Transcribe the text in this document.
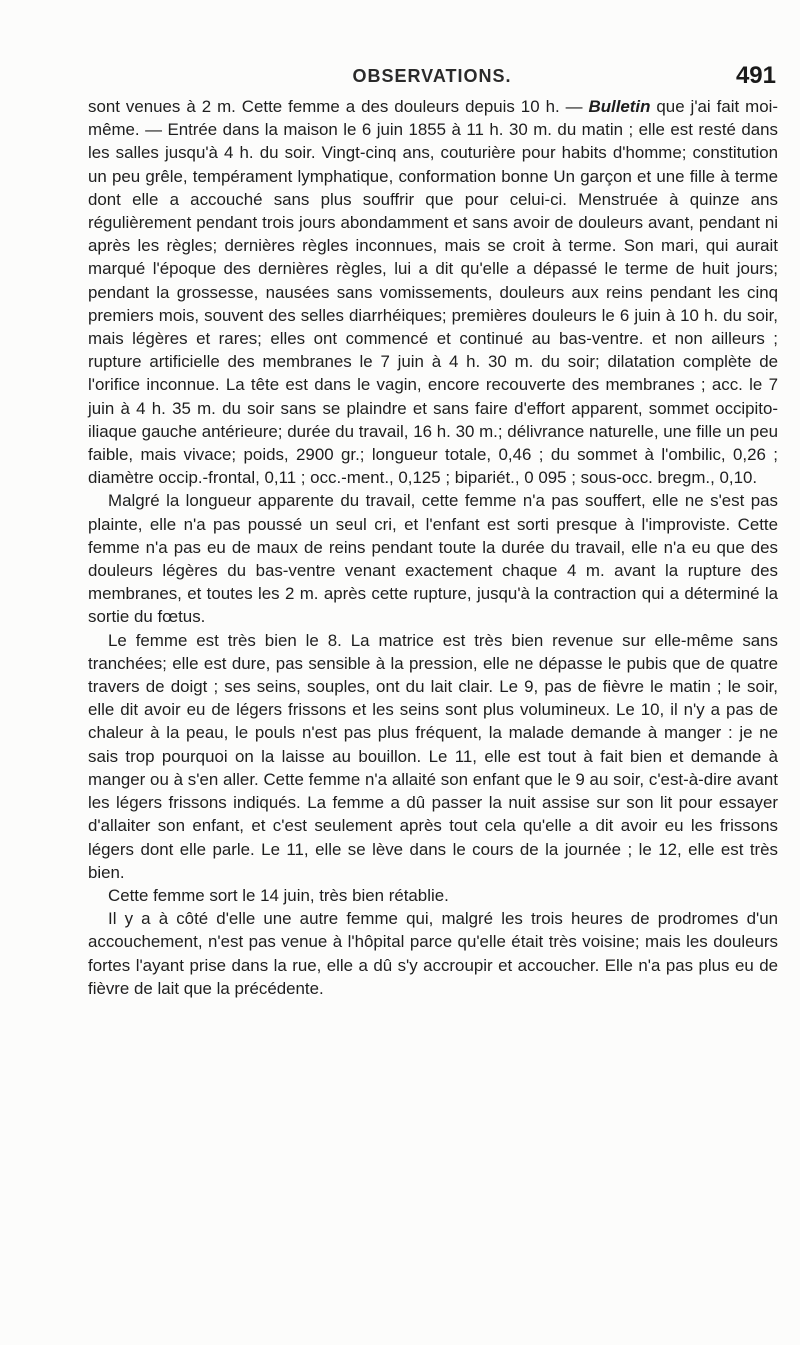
OBSERVATIONS.	491

sont venues à 2 m. Cette femme a des douleurs depuis 10 h. — Bulletin que j'ai fait moi-même. — Entrée dans la maison le 6 juin 1855 à 11 h. 30 m. du matin ; elle est resté dans les salles jusqu'à 4 h. du soir. Vingt-cinq ans, couturière pour habits d'homme; constitution un peu grêle, tempérament lymphatique, conformation bonne Un garçon et une fille à terme dont elle a accouché sans plus souffrir que pour celui-ci. Menstruée à quinze ans régulièrement pendant trois jours abondamment et sans avoir de douleurs avant, pendant ni après les règles; dernières règles inconnues, mais se croit à terme. Son mari, qui aurait marqué l'époque des dernières règles, lui a dit qu'elle a dépassé le terme de huit jours; pendant la grossesse, nausées sans vomissements, douleurs aux reins pendant les cinq premiers mois, souvent des selles diarrhéiques; premières douleurs le 6 juin à 10 h. du soir, mais légères et rares; elles ont commencé et continué au bas-ventre. et non ailleurs ; rupture artificielle des membranes le 7 juin à 4 h. 30 m. du soir; dilatation complète de l'orifice inconnue. La tête est dans le vagin, encore recouverte des membranes ; acc. le 7 juin à 4 h. 35 m. du soir sans se plaindre et sans faire d'effort apparent, sommet occipito-iliaque gauche antérieure; durée du travail, 16 h. 30 m.; délivrance naturelle, une fille un peu faible, mais vivace; poids, 2900 gr.; longueur totale, 0,46 ; du sommet à l'ombilic, 0,26 ; diamètre occip.-frontal, 0,11 ; occ.-ment., 0,125 ; bipariét., 0 095 ; sous-occ. bregm., 0,10.

Malgré la longueur apparente du travail, cette femme n'a pas souffert, elle ne s'est pas plainte, elle n'a pas poussé un seul cri, et l'enfant est sorti presque à l'improviste. Cette femme n'a pas eu de maux de reins pendant toute la durée du travail, elle n'a eu que des douleurs légères du bas-ventre venant exactement chaque 4 m. avant la rupture des membranes, et toutes les 2 m. après cette rupture, jusqu'à la contraction qui a déterminé la sortie du fœtus.

Le femme est très bien le 8. La matrice est très bien revenue sur elle-même sans tranchées; elle est dure, pas sensible à la pression, elle ne dépasse le pubis que de quatre travers de doigt ; ses seins, souples, ont du lait clair. Le 9, pas de fièvre le matin ; le soir, elle dit avoir eu de légers frissons et les seins sont plus volumineux. Le 10, il n'y a pas de chaleur à la peau, le pouls n'est pas plus fréquent, la malade demande à manger : je ne sais trop pourquoi on la laisse au bouillon. Le 11, elle est tout à fait bien et demande à manger ou à s'en aller. Cette femme n'a allaité son enfant que le 9 au soir, c'est-à-dire avant les légers frissons indiqués. La femme a dû passer la nuit assise sur son lit pour essayer d'allaiter son enfant, et c'est seulement après tout cela qu'elle a dit avoir eu les frissons légers dont elle parle. Le 11, elle se lève dans le cours de la journée ; le 12, elle est très bien.

Cette femme sort le 14 juin, très bien rétablie.

Il y a à côté d'elle une autre femme qui, malgré les trois heures de prodromes d'un accouchement, n'est pas venue à l'hôpital parce qu'elle était très voisine; mais les douleurs fortes l'ayant prise dans la rue, elle a dû s'y accroupir et accoucher. Elle n'a pas plus eu de fièvre de lait que la précédente.
